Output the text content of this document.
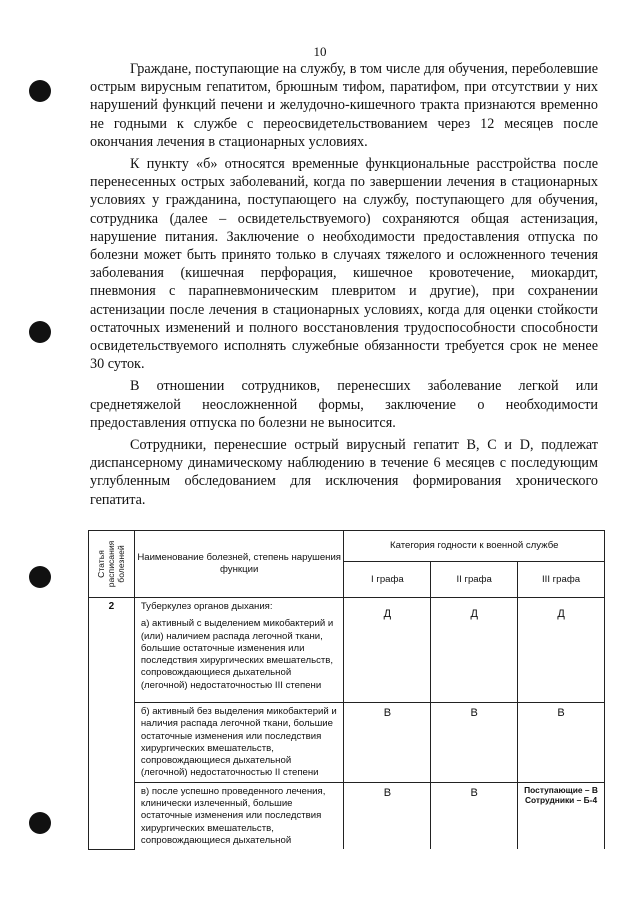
10

Граждане, поступающие на службу, в том числе для обучения, переболевшие острым вирусным гепатитом, брюшным тифом, паратифом, при отсутствии у них нарушений функций печени и желудочно-кишечного тракта признаются временно не годными к службе с переосвидетельствованием через 12 месяцев после окончания лечения в стационарных условиях.

К пункту «б» относятся временные функциональные расстройства после перенесенных острых заболеваний, когда по завершении лечения в стационарных условиях у гражданина, поступающего на службу, поступающего для обучения, сотрудника (далее – освидетельствуемого) сохраняются общая астенизация, нарушение питания. Заключение о необходимости предоставления отпуска по болезни может быть принято только в случаях тяжелого и осложненного течения заболевания (кишечная перфорация, кишечное кровотечение, миокардит, пневмония с парапневмоническим плевритом и другие), при сохранении астенизации после лечения в стационарных условиях, когда для оценки стойкости остаточных изменений и полного восстановления трудоспособности способности освидетельствуемого исполнять служебные обязанности требуется срок не менее 30 суток.

В отношении сотрудников, перенесших заболевание легкой или среднетяжелой неосложненной формы, заключение о необходимости предоставления отпуска по болезни не выносится.

Сотрудники, перенесшие острый вирусный гепатит B, C и D, подлежат диспансерному динамическому наблюдению в течение 6 месяцев с последующим углубленным обследованием для исключения формирования хронического гепатита.

Статья расписания болезней	Наименование болезней, степень нарушения функции	Категория годности к военной службе		
		I графа	II графа	III графа
2	Туберкулез органов дыхания:
а) активный с выделением микобактерий и (или) наличием распада легочной ткани, большие остаточные изменения или последствия хирургических вмешательств, сопровождающиеся дыхательной (легочной) недостаточностью III степени	Д	Д	Д

	б) активный без выделения микобактерий и наличия распада легочной ткани, большие остаточные изменения или последствия хирургических вмешательств, сопровождающиеся дыхательной (легочной) недостаточностью II степени	В	В	В

	в) после успешно проведенного лечения, клинически излеченный, большие остаточные изменения или последствия хирургических вмешательств, сопровождающиеся дыхательной	В	В	Поступающие – В
Сотрудники – Б-4
